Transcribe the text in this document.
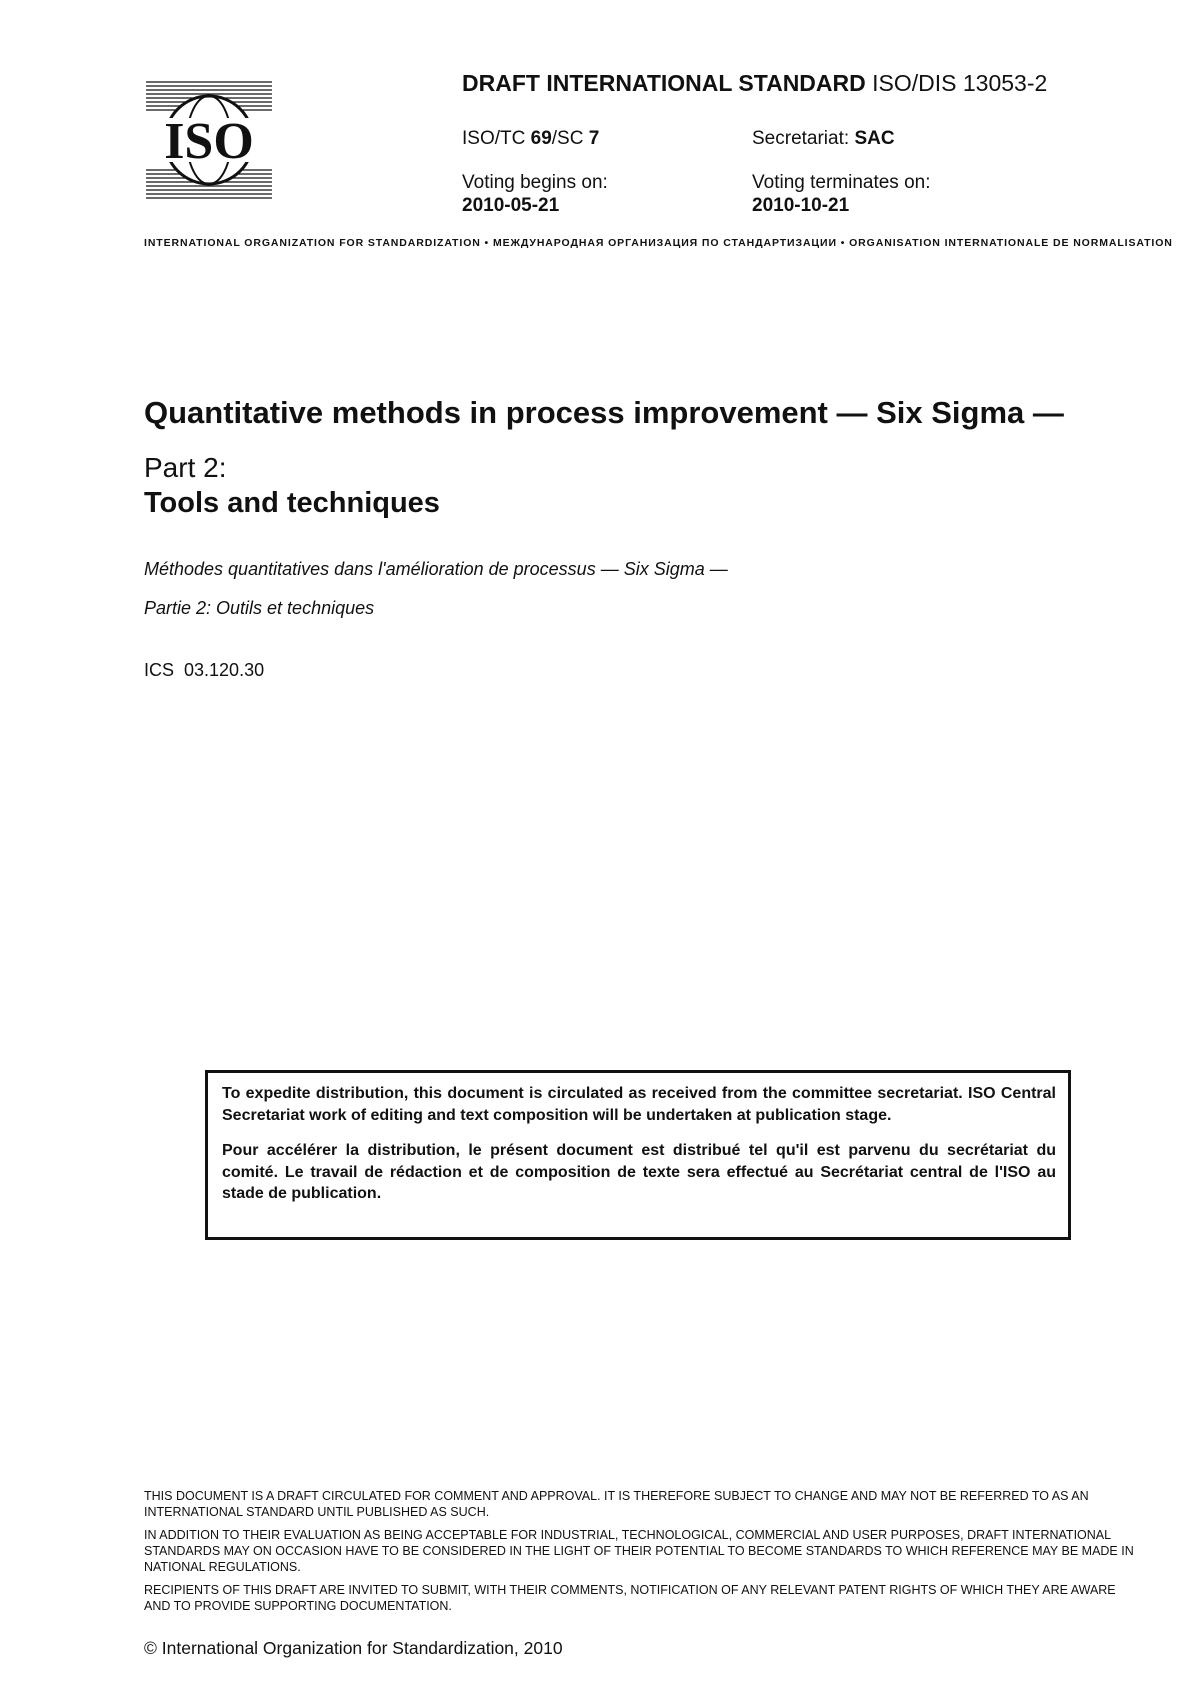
ISO
DRAFT INTERNATIONAL STANDARD ISO/DIS 13053-2
ISO/TC 69/SC 7	Secretariat: SAC
Voting begins on:
2010-05-21
Voting terminates on:
2010-10-21
INTERNATIONAL ORGANIZATION FOR STANDARDIZATION • МЕЖДУНАРОДНАЯ ОРГАНИЗАЦИЯ ПО СТАНДАРТИЗАЦИИ • ORGANISATION INTERNATIONALE DE NORMALISATION
Quantitative methods in process improvement — Six Sigma —
Part 2:
Tools and techniques
Méthodes quantitatives dans l'amélioration de processus — Six Sigma —
Partie 2: Outils et techniques
ICS 03.120.30

To expedite distribution, this document is circulated as received from the committee secretariat. ISO Central Secretariat work of editing and text composition will be undertaken at publication stage.

Pour accélérer la distribution, le présent document est distribué tel qu'il est parvenu du secrétariat du comité. Le travail de rédaction et de composition de texte sera effectué au Secrétariat central de l'ISO au stade de publication.

THIS DOCUMENT IS A DRAFT CIRCULATED FOR COMMENT AND APPROVAL. IT IS THEREFORE SUBJECT TO CHANGE AND MAY NOT BE REFERRED TO AS AN INTERNATIONAL STANDARD UNTIL PUBLISHED AS SUCH.

IN ADDITION TO THEIR EVALUATION AS BEING ACCEPTABLE FOR INDUSTRIAL, TECHNOLOGICAL, COMMERCIAL AND USER PURPOSES, DRAFT INTERNATIONAL STANDARDS MAY ON OCCASION HAVE TO BE CONSIDERED IN THE LIGHT OF THEIR POTENTIAL TO BECOME STANDARDS TO WHICH REFERENCE MAY BE MADE IN NATIONAL REGULATIONS.

RECIPIENTS OF THIS DRAFT ARE INVITED TO SUBMIT, WITH THEIR COMMENTS, NOTIFICATION OF ANY RELEVANT PATENT RIGHTS OF WHICH THEY ARE AWARE AND TO PROVIDE SUPPORTING DOCUMENTATION.

© International Organization for Standardization, 2010
